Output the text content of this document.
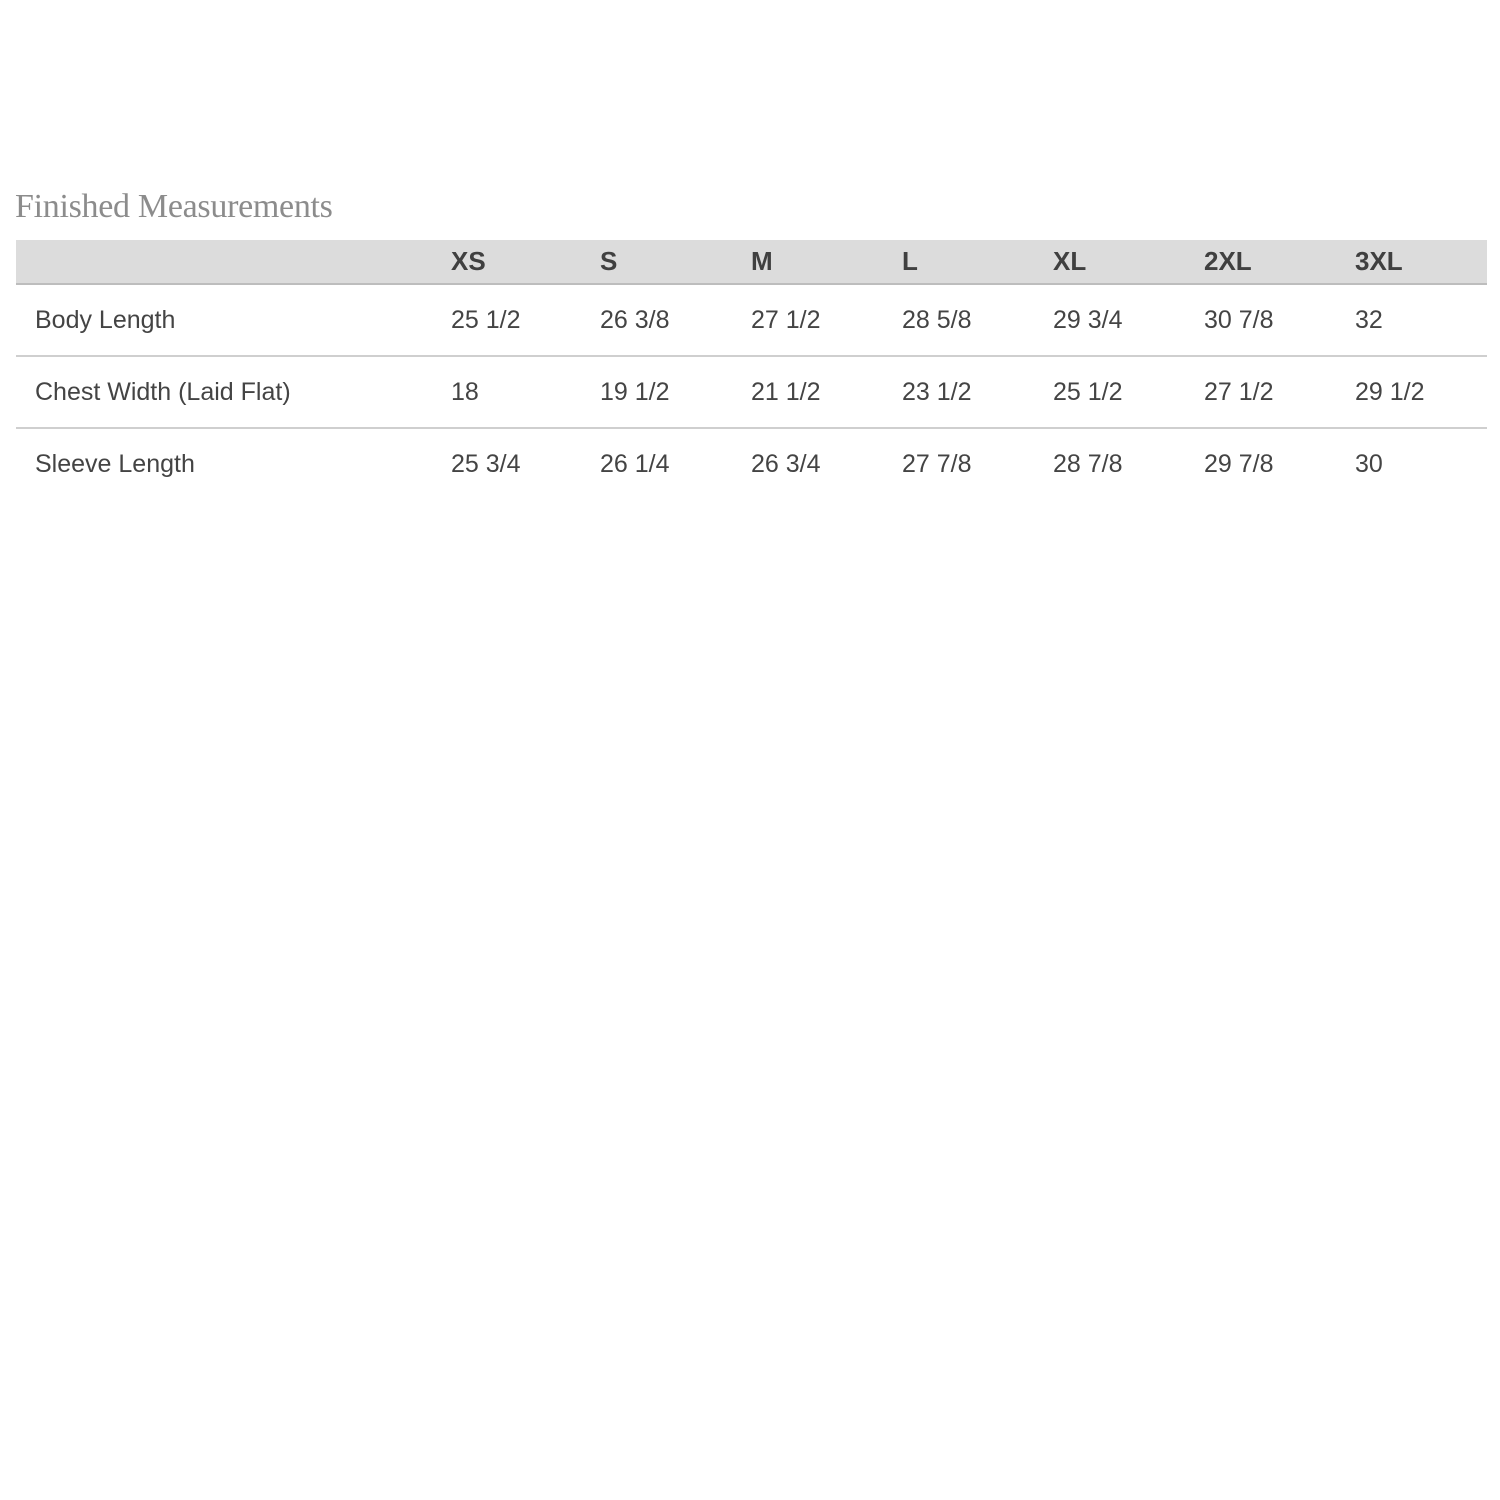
Finished Measurements
	XS	S	M	L	XL	2XL	3XL
Body Length	25 1/2	26 3/8	27 1/2	28 5/8	29 3/4	30 7/8	32
Chest Width (Laid Flat)	18	19 1/2	21 1/2	23 1/2	25 1/2	27 1/2	29 1/2
Sleeve Length	25 3/4	26 1/4	26 3/4	27 7/8	28 7/8	29 7/8	30
